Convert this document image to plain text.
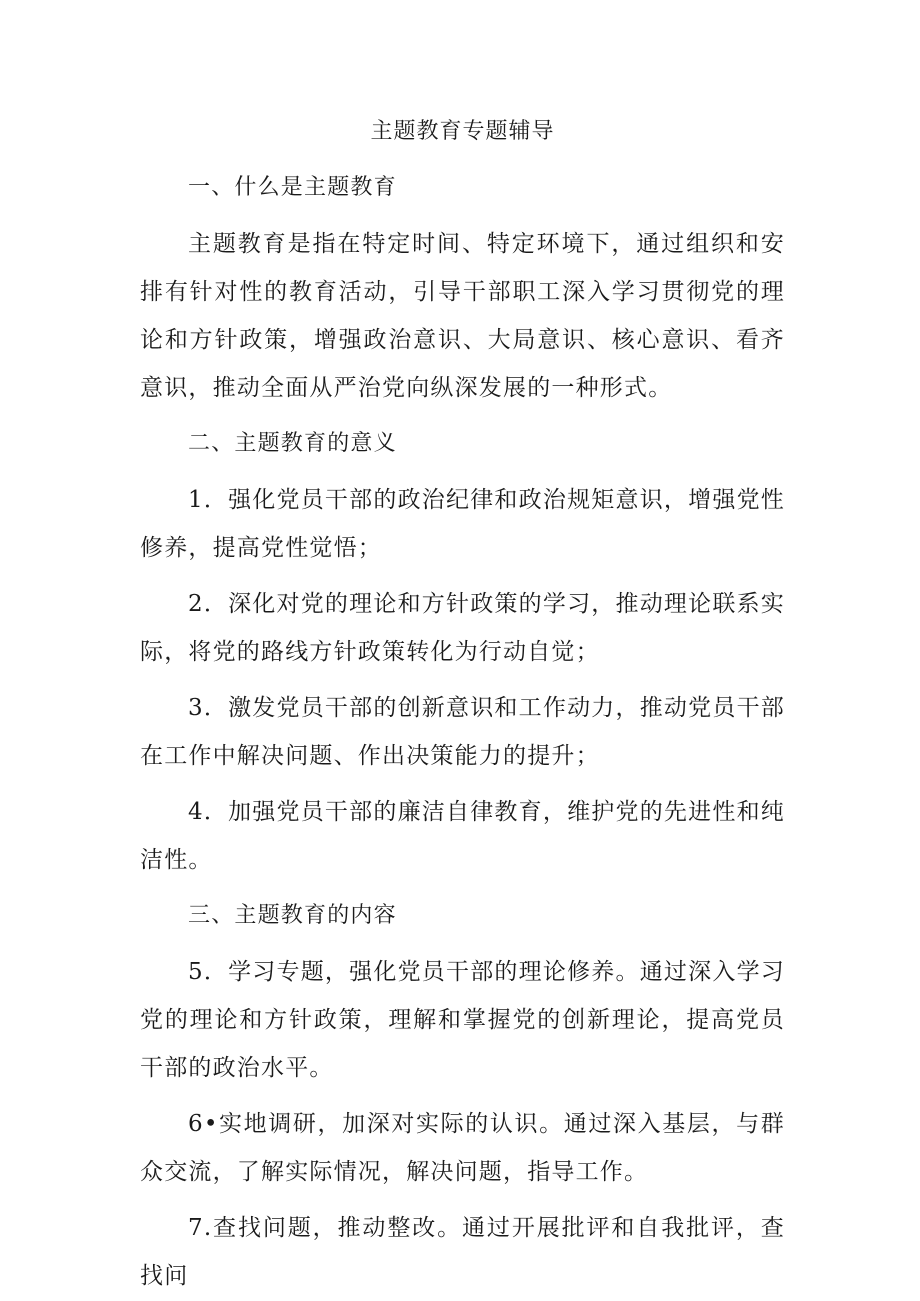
主题教育专题辅导

一、什么是主题教育

主题教育是指在特定时间、特定环境下，通过组织和安排有针对性的教育活动，引导干部职工深入学习贯彻党的理论和方针政策，增强政治意识、大局意识、核心意识、看齐意识，推动全面从严治党向纵深发展的一种形式。

二、主题教育的意义

1．强化党员干部的政治纪律和政治规矩意识，增强党性修养，提高党性觉悟；

2．深化对党的理论和方针政策的学习，推动理论联系实际，将党的路线方针政策转化为行动自觉；

3．激发党员干部的创新意识和工作动力，推动党员干部在工作中解决问题、作出决策能力的提升；

4．加强党员干部的廉洁自律教育，维护党的先进性和纯洁性。

三、主题教育的内容

5．学习专题，强化党员干部的理论修养。通过深入学习党的理论和方针政策，理解和掌握党的创新理论，提高党员干部的政治水平。

6•实地调研，加深对实际的认识。通过深入基层，与群众交流，了解实际情况，解决问题，指导工作。

7.查找问题，推动整改。通过开展批评和自我批评，查找问
